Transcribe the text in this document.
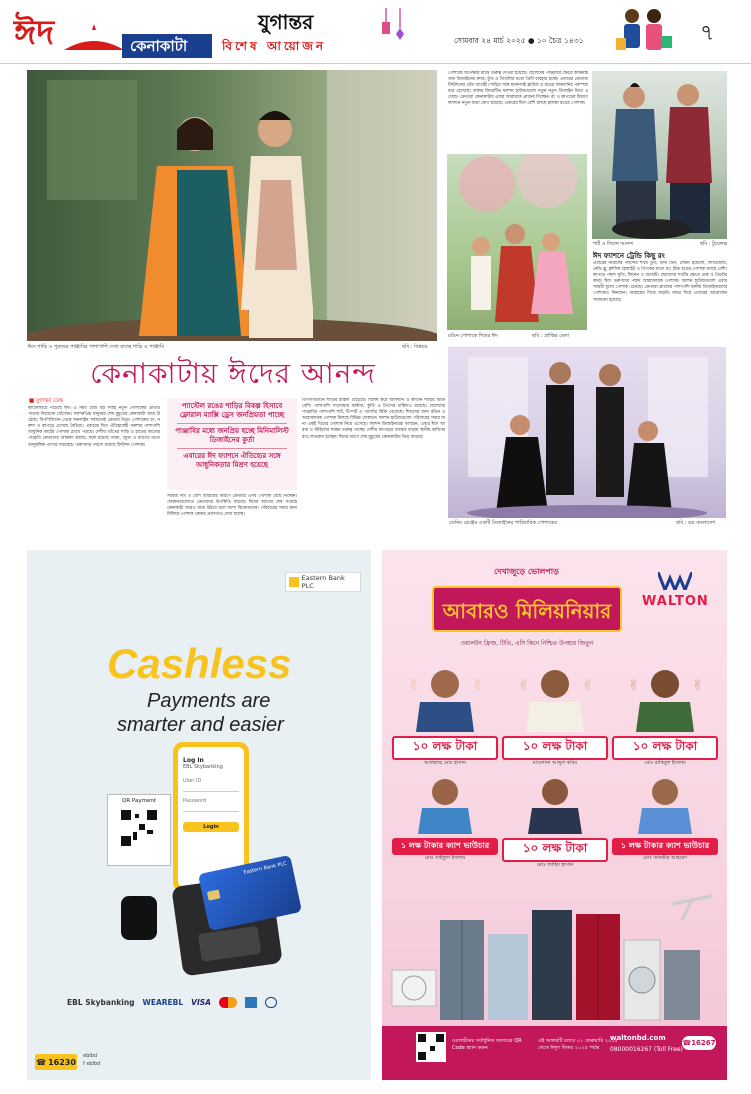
ঈদ	কেনাকাটা
যুগান্তর
বিশেষ আয়োজন	সোমবার ২৪ মার্চ ২০২৫ ● ১০ চৈত্র ১৪৩১	৭
ঈদে শাড়ি ও পুরুষের পাঞ্জাবির পাশাপাশি দেখা যাচ্ছে শাড়ি ও পাঞ্জাবি	ছবি : বিশ্বরঙ
পোশাকে অপেক্ষার মাঝে গুরুত্ব দেওয়া হয়েছে। ছেলেদের পাঞ্জাবির ক্ষেত্রে কাস্টমাইজড ডিজাইনের কদর। তুঁত ও তিতলির মতো প্রিন্ট ব্যবহার হচ্ছে। এবারের ক্রেতারা ফিউশনের প্রতি আগ্রহী। শাড়ির সঙ্গে মানানসই ব্লাউজ ও রঙের জামদানির পরম্পরা ধরে রেখেছে। ঢাকার ক্রিয়েটিভ ফ্যাশন হাউজগুলো নতুন নতুন ডিজাইন নিয়ে এসেছে। ক্রেতারা কেনাকাটায় এবার আরামকে প্রাধান্য দিচ্ছেন। রং ও কাপড়ের মিশ্রণে ফ্যাশনে নতুন মাত্রা যোগ হয়েছে। এবারের ঈদে বেশি চলছে হালকা রঙের পোশাক।
রঙিন পোশাকে শিশুর ঈদ	ছবি : প্রাপ্তির মেলা
শার্ট ও জিন্সে আনন্দ	ছবি : টুয়েলভ
ঈদ ফ্যাশনে ট্রেন্ডি কিছু রং
এবারের নারীদের পছন্দের শীর্ষে তুঁত, মিন্ট গ্রিন, লেমন ইয়েলো, ল্যাভেন্ডার, নেভি ব্লু, ক্লাসিক হোয়াইট ও পিংকের মতো রং। স্নিগ্ধ রঙের পোশাক চলছে বেশি। কাপড়ে পছন্দ সুতি, লিনেন ও জর্জেট। ছেলেদের শার্টের ক্ষেত্রে চেক ও প্রিন্টের কদর। ঈদে তরুণদের পছন্দ আরামদায়ক পোশাক। ফ্যাশন হাউজগুলো এবার সাশ্রয়ী মূল্যে পোশাক এনেছে। ক্রেতারা ব্র্যান্ডের পাশাপাশি স্থানীয় ডিজাইনারদের পোশাকও কিনছেন। আরামের দিকে বাড়তি নজর দিয়ে এবারের আয়োজন সাজানো হয়েছে।
কেনাকাটায় ঈদের আনন্দ
■ যুগান্তর ডেস্ক
ক্যালেন্ডারে পড়েছে ঈদ। এ সময় ছোট বড় সবাই নতুন পোশাকের প্রতিটি পাতায় নিজেকে খোঁজেন। ফ্যাশনপ্রিয় মানুষের শেষ মুহূর্তের কেনাকাটা জমে উঠেছে। বিপণিবিতান থেকে অনলাইন সবখানেই ক্রেতার ভিড়। পোশাকের রং, নকশা ও কাপড়ে এসেছে বৈচিত্র্য। এবারের ঈদে ঐতিহ্যবাহী নকশার পাশাপাশি আধুনিক কাটের পোশাক চোখে পড়ছে। দেশীয় তাঁতের শাড়ি ও হাতের কাজের পাঞ্জাবি ক্রেতাদের আকর্ষণ করছে। সঙ্গে রয়েছে গয়না, জুতা ও ব্যাগের মতো আনুষঙ্গিক পণ্যের সমারোহ। তরুণদের পছন্দে রয়েছে ফিউশন পোশাক।
প্যাস্টেল রঙের শাড়ির বিকল্প হিসাবে ফ্লোরাল ম্যাক্সি ড্রেস জনপ্রিয়তা পাচ্ছে
পাঞ্জাবির মধ্যে জনপ্রিয় হচ্ছে মিনিমালিস্ট ডিজাইনের কুর্তা
এবারের ঈদ ফ্যাশনে ঐতিহ্যের সঙ্গে আধুনিকতার মিশ্রণ হয়েছে
সাশ্রয়ী দাম ও বেশি আরামের কারণে ক্রেতারা এসব পোশাক বেছে নিচ্ছেন। দোকানগুলোতে ক্রেতাদের উপস্থিতি বাড়ছে। ঈদের আগের শেষ সপ্তাহে কেনাকাটা আরও জমে উঠবে বলে আশা বিক্রেতাদের। পরিবারের সবার জন্য মিলিয়ে পোশাক কেনার প্রবণতাও দেখা যাচ্ছে।
বিপণিবিতানে শাড়ির চাহিদা বেড়েছে। বিশেষ করে জামদানি ও কাতান শাড়ির বিক্রি বেশি। পাশাপাশি সালোয়ার কামিজ, কুর্তি ও টপসের চাহিদাও রয়েছে। ছেলেদের পাঞ্জাবির পাশাপাশি শার্ট, টি-শার্ট ও প্যান্টের বিক্রি বেড়েছে। শিশুদের জন্য রঙিন ও আরামদায়ক পোশাক মিলছে বিভিন্ন দোকানে। ফ্যাশন হাউজগুলো পরিবারের সবার জন্য একই থিমের পোশাক নিয়ে এসেছে। ফ্যাশন ডিজাইনাররা বলছেন, এবার ঈদে আরাম ও স্টাইলের সমন্বয় গুরুত্ব পাচ্ছে। দেশীয় কাপড়ের ব্যবহার বাড়ায় স্থানীয় কারিগররাও লাভবান হচ্ছেন। ঈদের আগে শেষ মুহূর্তের কেনাকাটায় ভিড় বাড়ছে।
ডেনিম রেঞ্জের একটি ডিজাইনের পারিবারিক পোশাকের	ছবি : রঙ বাংলাদেশ
Eastern Bank PLC
Cashless
Payments are
smarter and easier
QR Payment
Log In
EBL Skybanking
User ID
Password
Login
Eastern Bank PLC
EBL Skybanking WEAREBL VISA
☎ 16230
eblbd
f eblbd
WALTON
দেখাজুড়ে ভোলপাড়
আবারও মিলিয়নিয়ার
ওয়ালটন ফ্রিজ, টিভি, এসি কিনে নিশ্চিত উপহার জিতুন
✌	✌
১০ লক্ষ টাকা
আলহাজ্ব মোঃ হাসান
✌	✌
১০ লক্ষ টাকা
মাওলানা আব্দুল করিম
✌	✌
১০ লক্ষ টাকা
মোঃ রাকিবুল ইসলাম
১ লক্ষ টাকার ক্যাশ ভাউচার
মোঃ সাইফুল ইসলাম
১০ লক্ষ টাকা
মোঃ জাহিদ হাসান
১ লক্ষ টাকার ক্যাশ ভাউচার
মোঃ তানভীর আহমেদ
ওয়ালটনের সর্বাধুনিক অফারের QR Code স্ক্যান করুন
এই অফারটি চলবে ০১ ফেব্রুয়ারি ২০২৫ থেকে ঈদুল ফিতর ২০২৫ পর্যন্ত
waltonbd.com
08000016267 (Toll Free)
☎16267
